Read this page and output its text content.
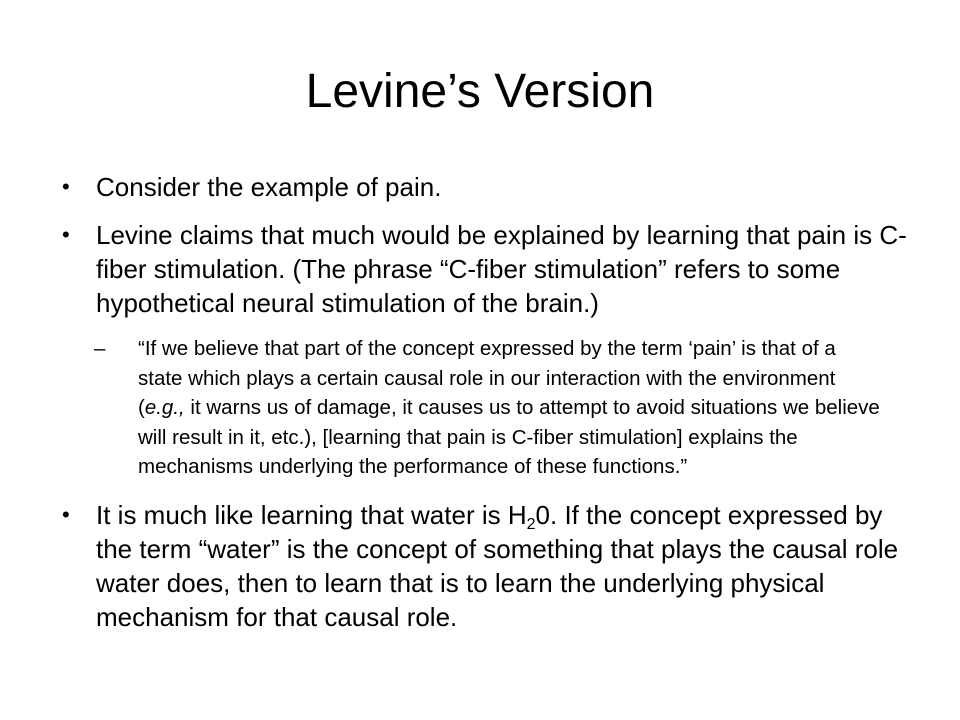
Levine’s Version
•	Consider the example of pain.
•	Levine claims that much would be explained by learning that pain is C-fiber stimulation. (The phrase “C-fiber stimulation” refers to some hypothetical neural stimulation of the brain.)
– “If we believe that part of the concept expressed by the term ‘pain’ is that of a state which plays a certain causal role in our interaction with the environment (e.g., it warns us of damage, it causes us to attempt to avoid situations we believe will result in it, etc.), [learning that pain is C-fiber stimulation] explains the mechanisms underlying the performance of these functions.”
•	It is much like learning that water is $H_20$. If the concept expressed by the term “water” is the concept of something that plays the causal role water does, then to learn that is to learn the underlying physical mechanism for that causal role.
